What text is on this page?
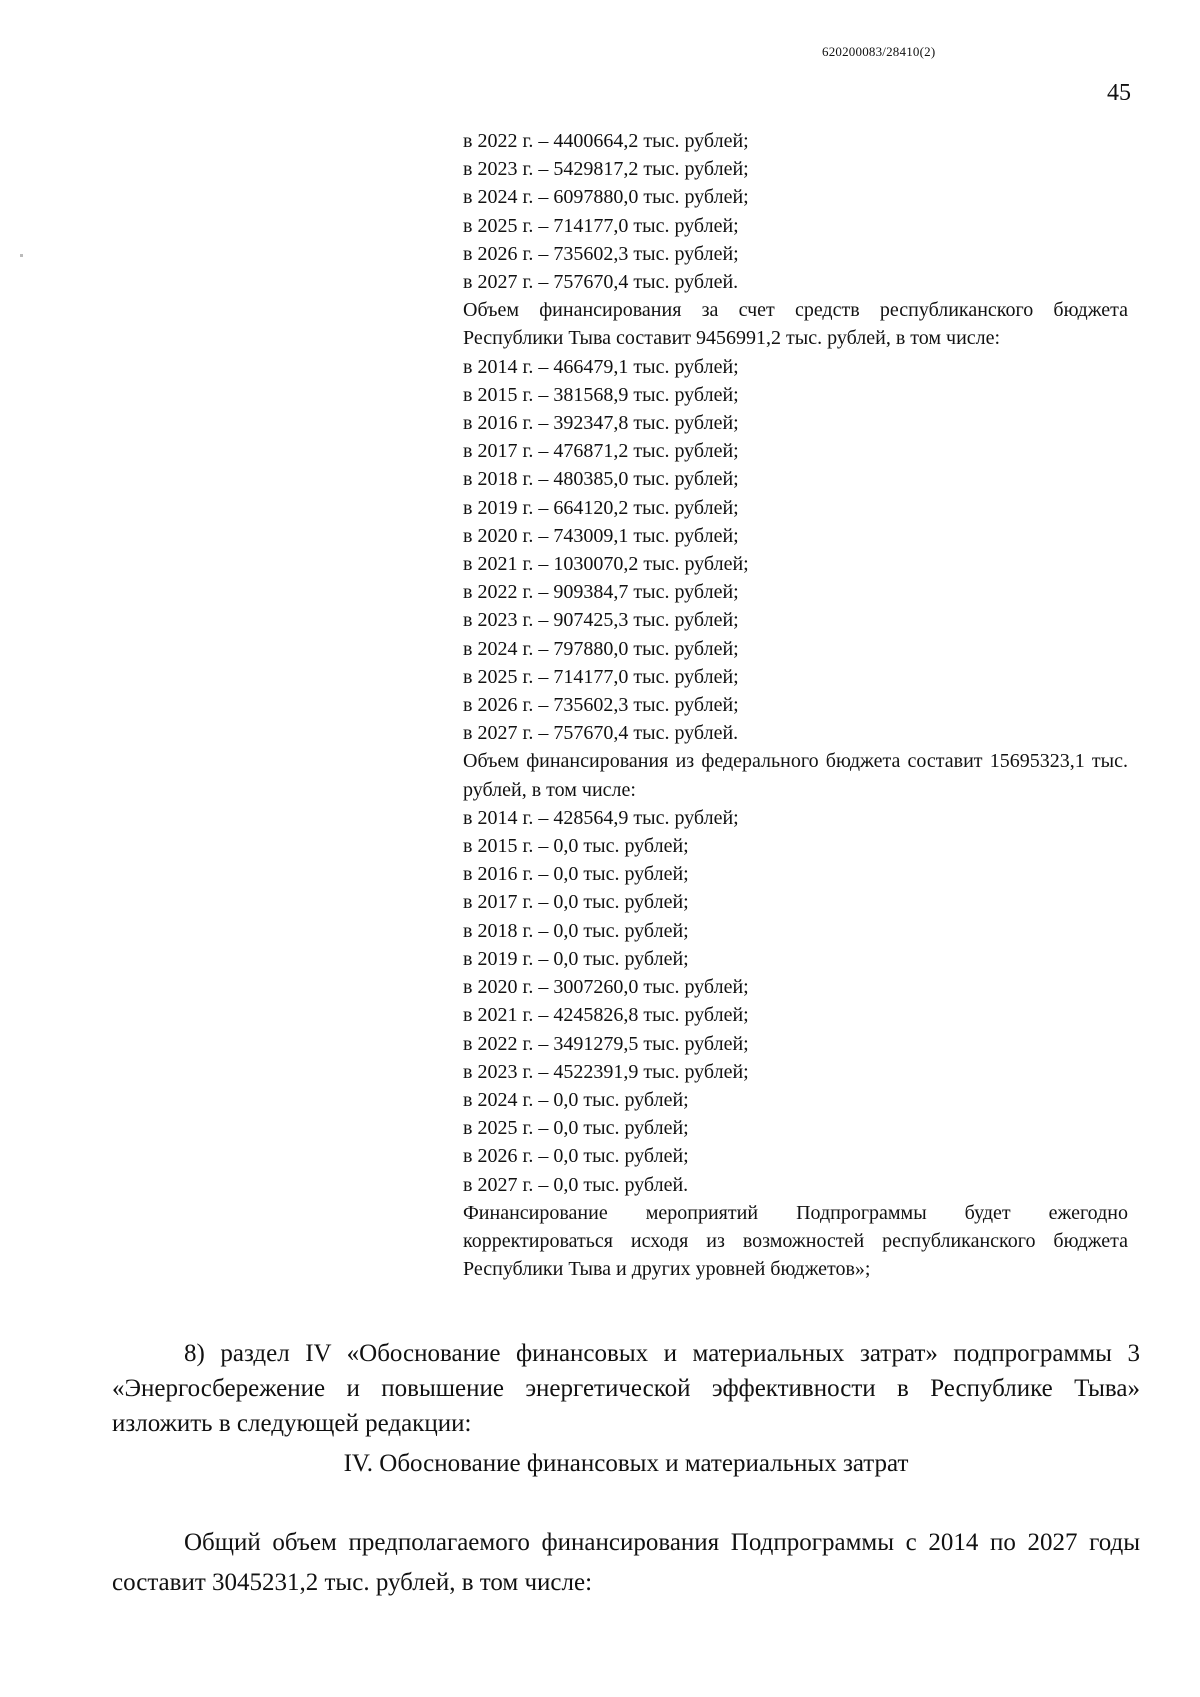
620200083/28410(2)
45
в 2022 г. – 4400664,2 тыс. рублей;
в 2023 г. – 5429817,2 тыс. рублей;
в 2024 г. – 6097880,0 тыс. рублей;
в 2025 г. – 714177,0 тыс. рублей;
в 2026 г. – 735602,3 тыс. рублей;
в 2027 г. – 757670,4 тыс. рублей.
Объем финансирования за счет средств республиканского бюджета Республики Тыва составит 9456991,2 тыс. рублей, в том числе:
в 2014 г. – 466479,1 тыс. рублей;
в 2015 г. – 381568,9 тыс. рублей;
в 2016 г. – 392347,8 тыс. рублей;
в 2017 г. – 476871,2 тыс. рублей;
в 2018 г. – 480385,0 тыс. рублей;
в 2019 г. – 664120,2 тыс. рублей;
в 2020 г. – 743009,1 тыс. рублей;
в 2021 г. – 1030070,2 тыс. рублей;
в 2022 г. – 909384,7 тыс. рублей;
в 2023 г. – 907425,3 тыс. рублей;
в 2024 г. – 797880,0 тыс. рублей;
в 2025 г. – 714177,0 тыс. рублей;
в 2026 г. – 735602,3 тыс. рублей;
в 2027 г. – 757670,4 тыс. рублей.
Объем финансирования из федерального бюджета составит 15695323,1 тыс. рублей, в том числе:
в 2014 г. – 428564,9 тыс. рублей;
в 2015 г. – 0,0 тыс. рублей;
в 2016 г. – 0,0 тыс. рублей;
в 2017 г. – 0,0 тыс. рублей;
в 2018 г. – 0,0 тыс. рублей;
в 2019 г. – 0,0 тыс. рублей;
в 2020 г. – 3007260,0 тыс. рублей;
в 2021 г. – 4245826,8 тыс. рублей;
в 2022 г. – 3491279,5 тыс. рублей;
в 2023 г. – 4522391,9 тыс. рублей;
в 2024 г. – 0,0 тыс. рублей;
в 2025 г. – 0,0 тыс. рублей;
в 2026 г. – 0,0 тыс. рублей;
в 2027 г. – 0,0 тыс. рублей.
Финансирование мероприятий Подпрограммы будет ежегодно корректироваться исходя из возможностей республиканского бюджета Республики Тыва и других уровней бюджетов»;
8) раздел IV «Обоснование финансовых и материальных затрат» подпрограммы 3 «Энергосбережение и повышение энергетической эффективности в Республике Тыва» изложить в следующей редакции:
IV. Обоснование финансовых и материальных затрат
Общий объем предполагаемого финансирования Подпрограммы с 2014 по 2027 годы составит 3045231,2 тыс. рублей, в том числе:
